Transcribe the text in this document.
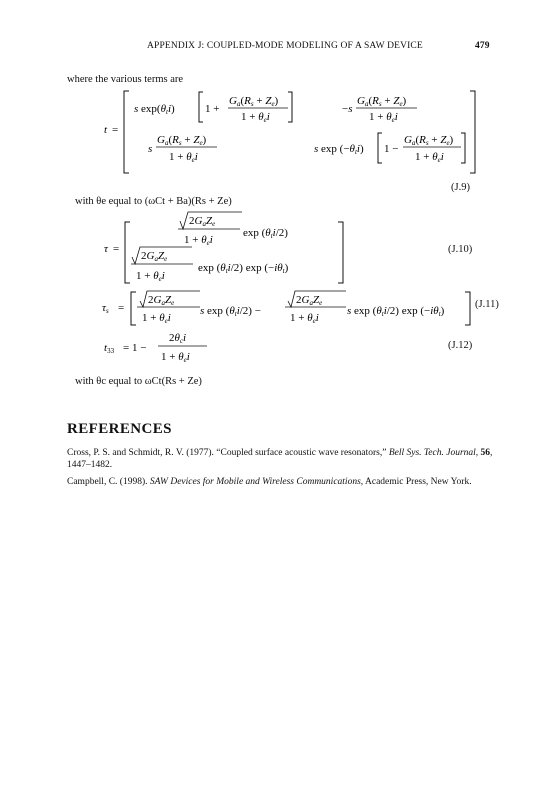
APPENDIX J: COUPLED-MODE MODELING OF A SAW DEVICE	479
where the various terms are
t =
s exp(θti)	1 +
Ga(Rs + Ze)
1 + θei
−s
Ga(Rs + Ze)
1 + θei
s
Ga(Rs + Ze)
1 + θei
s exp (−θti) 1 −
Ga(Rs + Ze)
1 + θei
τ =
2GaZe
1 + θei
exp (θti/2)
2GaZe
1 + θei
exp (θti/2) exp (−iθt)
τs =
2GaZe
1 + θei
s exp (θti/2) −
2GaZe
1 + θei
s exp (θti/2) exp (−iθt)
t33 = 1 −
2θci
1 + θei
(J.9)
(J.10)
(J.11)
(J.12)
with θe equal to (ωCt + Ba)(Rs + Ze)
with θc equal to ωCt(Rs + Ze)
REFERENCES
Cross, P. S. and Schmidt, R. V. (1977). “Coupled surface acoustic wave resonators,” Bell Sys. Tech. Journal, 56, 1447–1482.
Campbell, C. (1998). SAW Devices for Mobile and Wireless Communications, Academic Press, New York.
